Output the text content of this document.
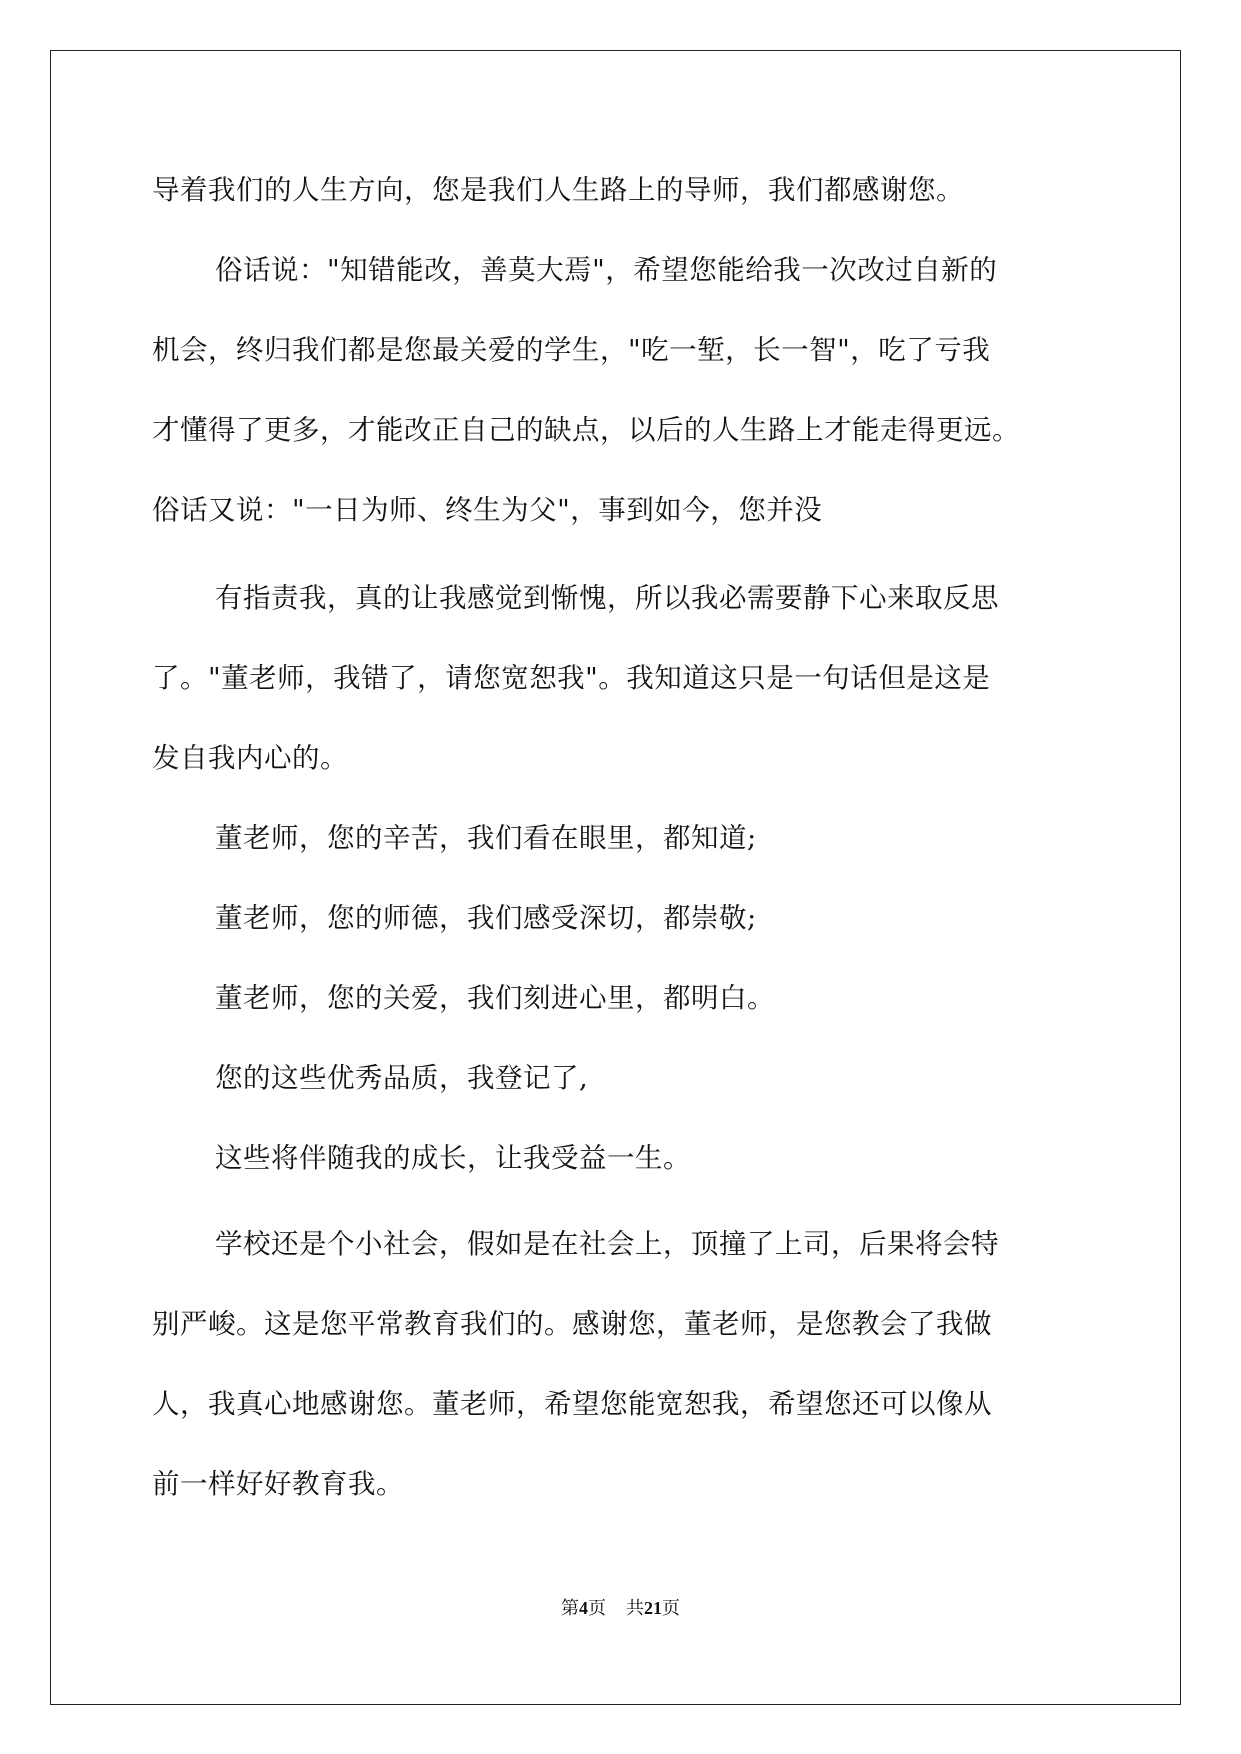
导着我们的人生方向，您是我们人生路上的导师，我们都感谢您。
俗话说："知错能改，善莫大焉"，希望您能给我一次改过自新的
机会，终归我们都是您最关爱的学生，"吃一堑，长一智"，吃了亏我
才懂得了更多，才能改正自己的缺点，以后的人生路上才能走得更远。
俗话又说："一日为师、终生为父"，事到如今，您并没
有指责我，真的让我感觉到惭愧，所以我必需要静下心来取反思
了。"董老师，我错了，请您宽恕我"。我知道这只是一句话但是这是
发自我内心的。
董老师，您的辛苦，我们看在眼里，都知道;
董老师，您的师德，我们感受深切，都崇敬;
董老师，您的关爱，我们刻进心里，都明白。
您的这些优秀品质，我登记了,
这些将伴随我的成长，让我受益一生。
学校还是个小社会，假如是在社会上，顶撞了上司，后果将会特
别严峻。这是您平常教育我们的。感谢您，董老师，是您教会了我做
人，我真心地感谢您。董老师，希望您能宽恕我，希望您还可以像从
前一样好好教育我。
第4页 共21页
